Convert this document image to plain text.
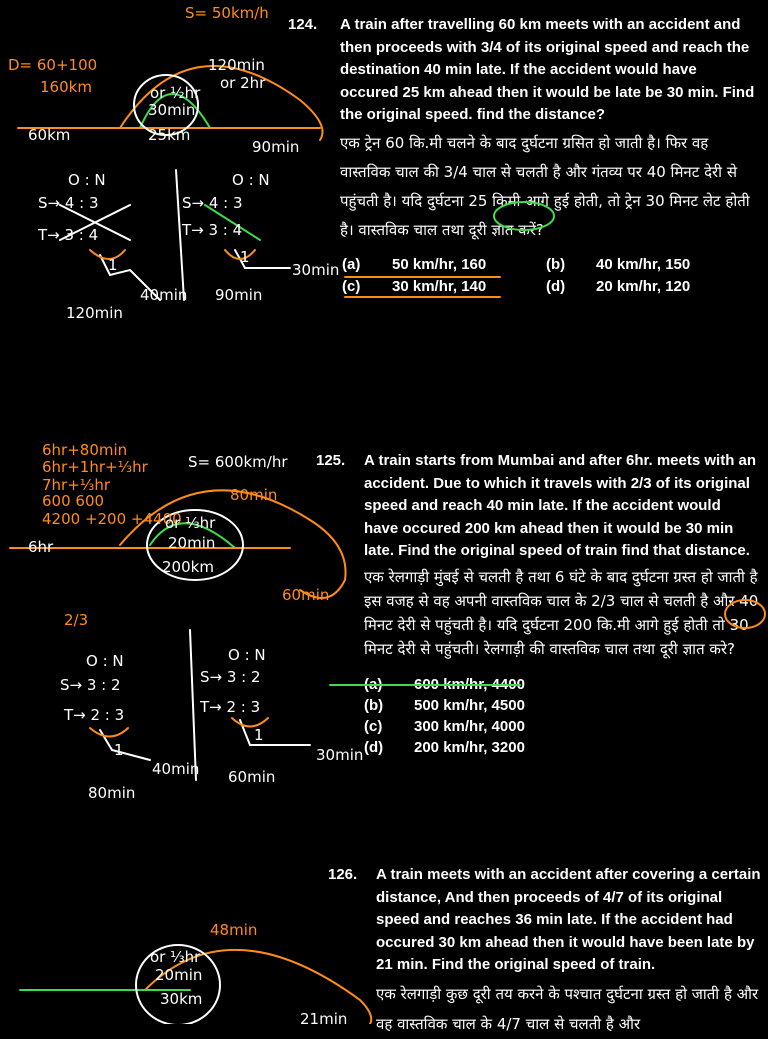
124. A train after travelling 60 km meets with an accident and then proceeds with 3/4 of its original speed and reach the destination 40 min late. If the accident would have occured 25 km ahead then it would be late be 30 min. Find the original speed. find the distance?
एक ट्रेन 60 कि.मी चलने के बाद दुर्घटना ग्रसित हो जाती है। फिर वह वास्तविक चाल की 3/4 चाल से चलती है और गंतव्य पर 40 मिनट देरी से पहुंचती है। यदि दुर्घटना 25 किमी आगे हुई होती, तो ट्रेन 30 मिनट लेट होती है। वास्तविक चाल तथा दूरी ज्ञात करें?
(a)	50 km/hr, 160	(b)	40 km/hr, 150
(c)	30 km/hr, 140	(d)	20 km/hr, 120
S= 50km/h
D= 60+100
160km
60km	25km
30min
or ½hr
120min
or 2hr
90min
O : N
S→ 4 : 3
T→ 3 : 4
1
40min
120min
O : N
S→ 4 : 3
T→ 3 : 4
1
30min
90min
125. A train starts from Mumbai and after 6hr. meets with an accident. Due to which it travels with 2/3 of its original speed and reach 40 min late. If the accident would have occured 200 km ahead then it would be 30 min late. Find the original speed of train find that distance.
एक रेलगाड़ी मुंबई से चलती है तथा 6 घंटे के बाद दुर्घटना ग्रस्त हो जाती है इस वजह से वह अपनी वास्तविक चाल के 2/3 चाल से चलती है और 40 मिनट देरी से पहुंचती है। यदि दुर्घटना 200 कि.मी आगे हुई होती तो 30 मिनट देरी से पहुंचती। रेलगाड़ी की वास्तविक चाल तथा दूरी ज्ञात करे?
(a)	600 km/hr, 4400
(b)	500 km/hr, 4500
(c)	300 km/hr, 4000
(d)	200 km/hr, 3200
6hr+80min
6hr+1hr+⅓hr
7hr+⅓hr
600 600
4200 +200 +4400
S= 600km/hr
6hr
80min
or ⅓hr
20min
200km
60min
2/3
O : N
S→ 3 : 2
T→ 2 : 3
1
40min
80min
O : N
S→ 3 : 2
T→ 2 : 3
1
30min
60min
126. A train meets with an accident after covering a certain distance, And then proceeds of 4/7 of its original speed and reaches 36 min late. If the accident had occured 30 km ahead then it would have been late by 21 min. Find the original speed of train.
एक रेलगाड़ी कुछ दूरी तय करने के पश्चात दुर्घटना ग्रस्त हो जाती है और वह वास्तविक चाल के 4/7 चाल से चलती है और
48min
or ⅓hr
20min
30km
21min
